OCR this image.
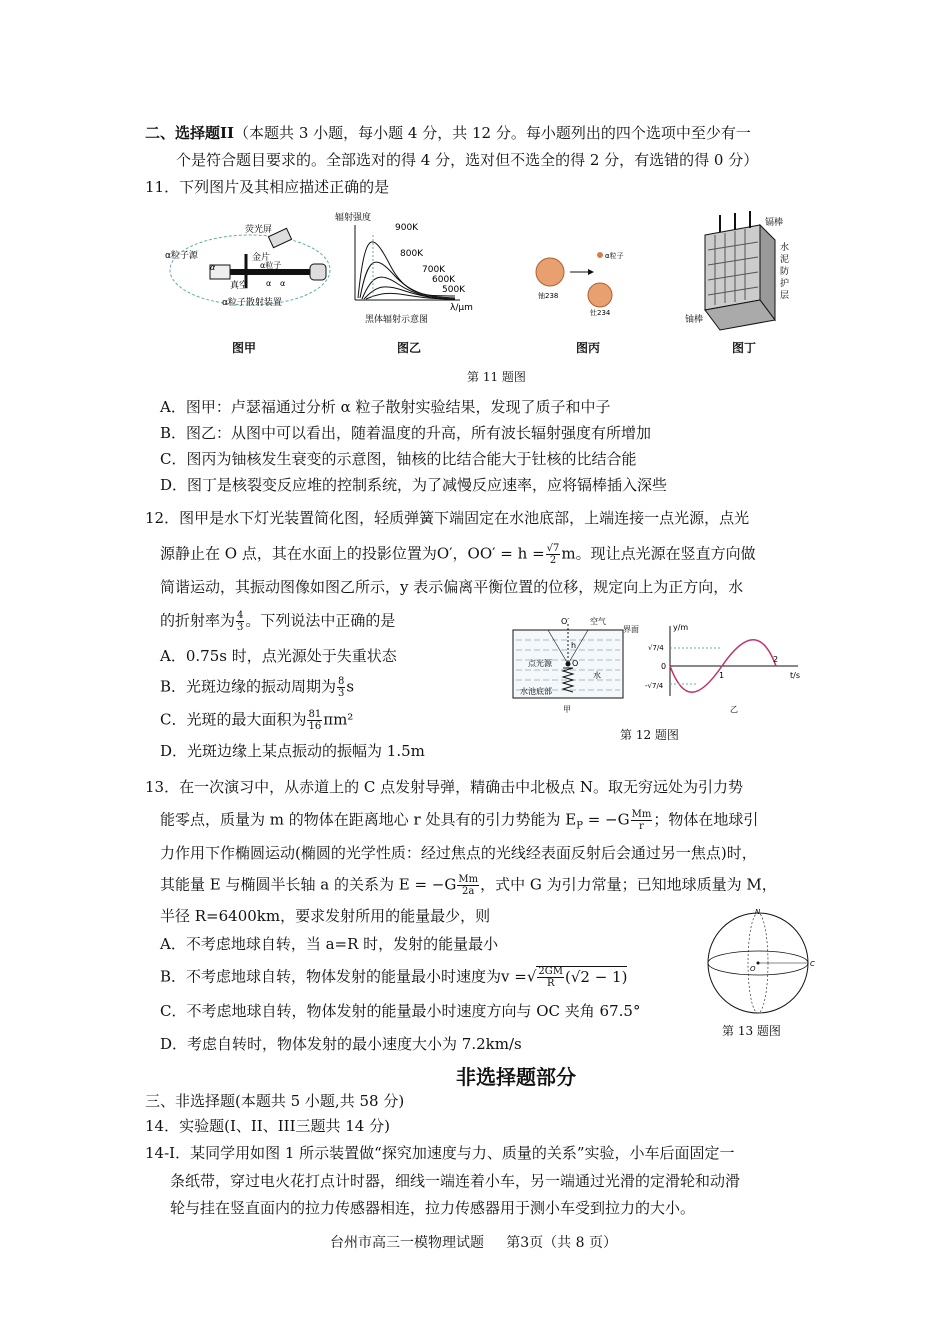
二、选择题II（本题共 3 小题，每小题 4 分，共 12 分。每小题列出的四个选项中至少有一
个是符合题目要求的。全部选对的得 4 分，选对但不选全的得 2 分，有选错的得 0 分）
11．下列图片及其相应描述正确的是
荧光屏
α粒子源	金片
真空
α粒子散射装置
α
α α
α粒子
辐射强度
λ/μm
900K
800K
700K
600K
500K
黑体辐射示意图
铀238
钍234
α粒子
镉棒
水
泥
防
护
层
铀棒
图甲	图乙	图丙	图丁
第 11 题图
A．图甲：卢瑟福通过分析 α 粒子散射实验结果，发现了质子和中子
B．图乙：从图中可以看出，随着温度的升高，所有波长辐射强度有所增加
C．图丙为铀核发生衰变的示意图，铀核的比结合能大于钍核的比结合能
D．图丁是核裂变反应堆的控制系统，为了减慢反应速率，应将镉棒插入深些
12．图甲是水下灯光装置简化图，轻质弹簧下端固定在水池底部，上端连接一点光源，点光
源静止在 O 点，其在水面上的投影位置为O′，$OO' = h = \frac{√7}{2}$ m。现让点光源在竖直方向做
简谐运动，其振动图像如图乙所示，y 表示偏离平衡位置的位移，规定向上为正方向，水
的折射率为 $\frac{4}{3}$ 。下列说法中正确的是
A．0.75s 时，点光源处于失重状态
B．光斑边缘的振动周期为 $\frac{8}{3}$ s
C．光斑的最大面积为 $\frac{81}{16} \pi m^2$
D．光斑边缘上某点振动的振幅为 1.5m
O′	空气
界面
h
点光源	O
水
水池底部
甲
y/m
t/s
√7/4
-√7/4
0
1
2
乙
第 12 题图
13．在一次演习中，从赤道上的 C 点发射导弹，精确击中北极点 N。取无穷远处为引力势
能零点，质量为 m 的物体在距离地心 r 处具有的引力势能为 $E_P = -G \frac{Mm}{r}$ ；物体在地球引
力作用下作椭圆运动(椭圆的光学性质：经过焦点的光线经表面反射后会通过另一焦点)时，
其能量 E 与椭圆半长轴 a 的关系为 $E = -G \frac{Mm}{2a}$ ，式中 G 为引力常量；已知地球质量为 M，
半径 R=6400km，要求发射所用的能量最少，则
A．不考虑地球自转，当 a=R 时，发射的能量最小
B．不考虑地球自转，物体发射的能量最小时速度为v =√ $\frac{2GM}{R} (√2 - 1)$
C．不考虑地球自转，物体发射的能量最小时速度方向与 OC 夹角 67.5°
D．考虑自转时，物体发射的最小速度大小为 7.2km/s
N
O
C
第 13 题图
非选择题部分
三、非选择题(本题共 5 小题,共 58 分)
14．实验题(I、II、III三题共 14 分)
14-I．某同学用如图 1 所示装置做“探究加速度与力、质量的关系”实验，小车后面固定一
条纸带，穿过电火花打点计时器，细线一端连着小车，另一端通过光滑的定滑轮和动滑
轮与挂在竖直面内的拉力传感器相连，拉力传感器用于测小车受到拉力的大小。
台州市高三一模物理试题 第3页（共 8 页）
